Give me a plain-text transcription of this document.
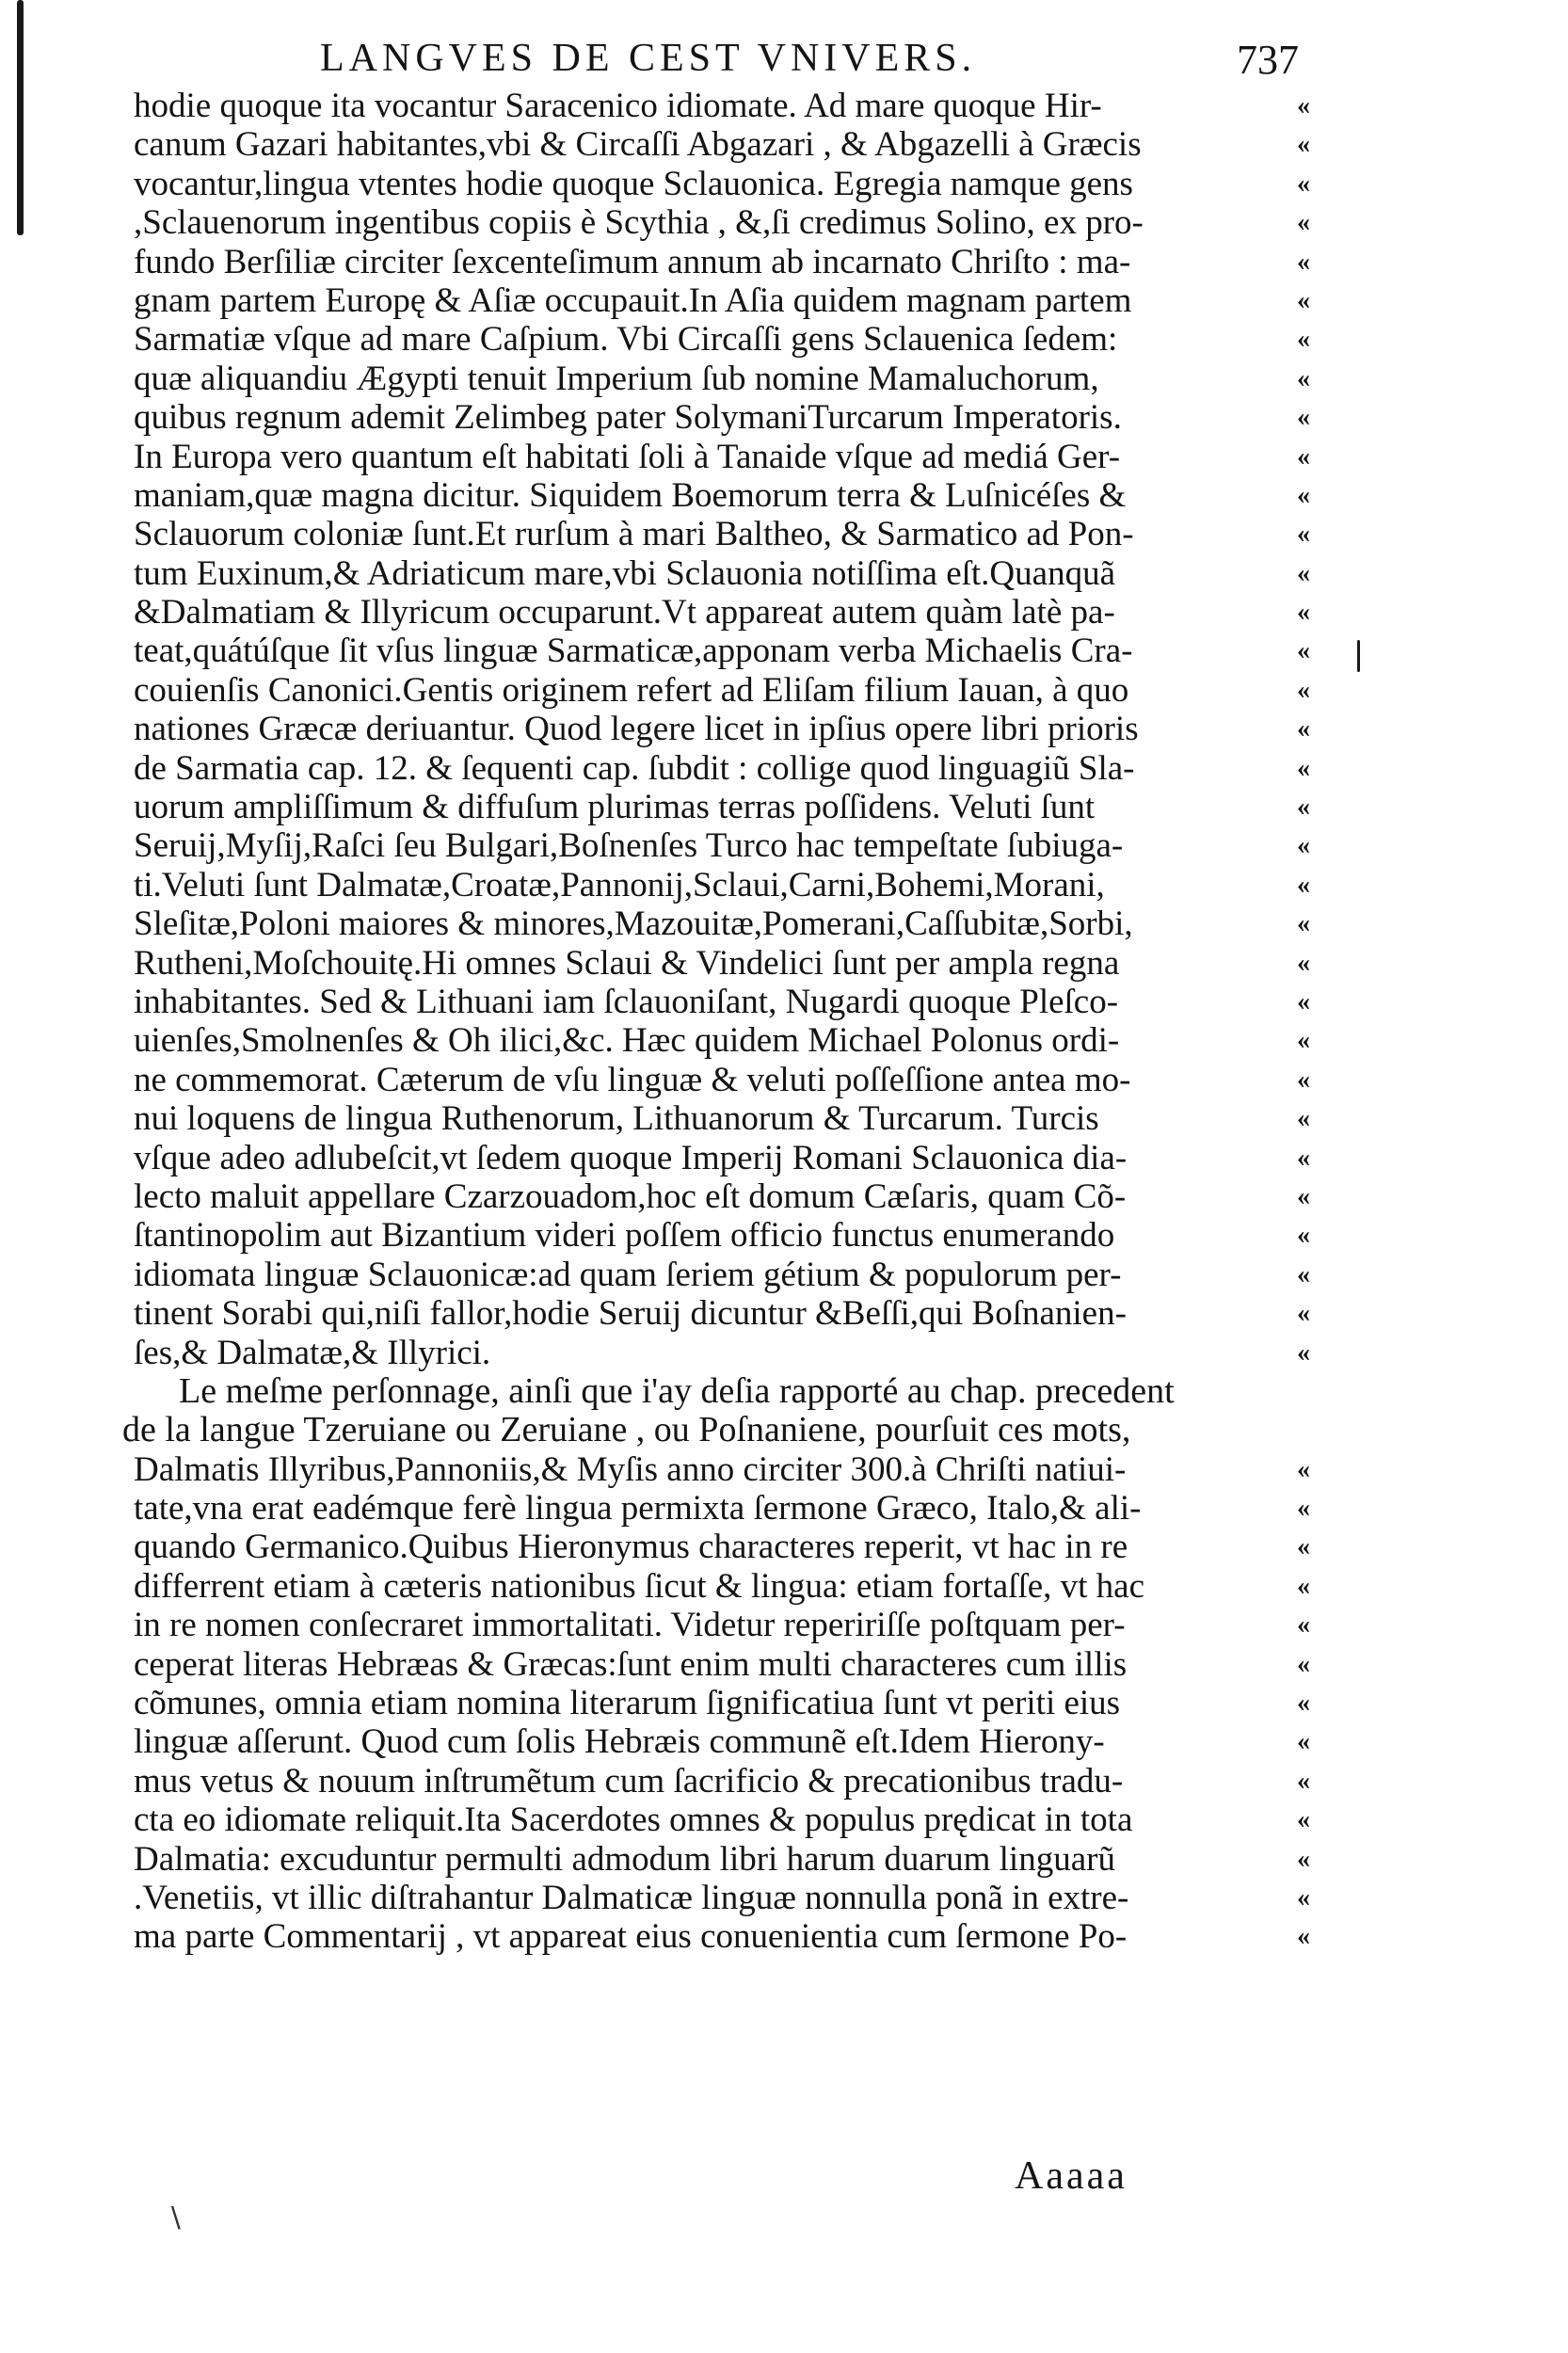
LANGVES DE CEST VNIVERS.	737
hodie quoque ita vocantur Saracenico idiomate. Ad mare quoque Hir-	«
canum Gazari habitantes,vbi & Circaſſi Abgazari , & Abgazelli à Græcis	«
vocantur,lingua vtentes hodie quoque Sclauonica. Egregia namque gens	«
,Sclauenorum ingentibus copiis è Scythia , &,ſi credimus Solino, ex pro-	«
fundo Berſiliæ circiter ſexcenteſimum annum ab incarnato Chriſto : ma-	«
gnam partem Europę & Aſiæ occupauit.In Aſia quidem magnam partem	«
Sarmatiæ vſque ad mare Caſpium. Vbi Circaſſi gens Sclauenica ſedem:	«
quæ aliquandiu Ægypti tenuit Imperium ſub nomine Mamaluchorum,	«
quibus regnum ademit Zelimbeg pater SolymaniTurcarum Imperatoris.	«
In Europa vero quantum eſt habitati ſoli à Tanaide vſque ad mediá Ger-	«
maniam,quæ magna dicitur. Siquidem Boemorum terra & Luſnicéſes &	«
Sclauorum coloniæ ſunt.Et rurſum à mari Baltheo, & Sarmatico ad Pon-	«
tum Euxinum,& Adriaticum mare,vbi Sclauonia notiſſima eſt.Quanquã	«
&Dalmatiam & Illyricum occuparunt.Vt appareat autem quàm latè pa-	«
teat,quátúſque ſit vſus linguæ Sarmaticæ,apponam verba Michaelis Cra-	«
couienſis Canonici.Gentis originem refert ad Eliſam filium Iauan, à quo	«
nationes Græcæ deriuantur. Quod legere licet in ipſius opere libri prioris	«
de Sarmatia cap. 12. & ſequenti cap. ſubdit : collige quod linguagiũ Sla-	«
uorum ampliſſimum & diffuſum plurimas terras poſſidens. Veluti ſunt	«
Seruij,Myſij,Raſci ſeu Bulgari,Boſnenſes Turco hac tempeſtate ſubiuga-	«
ti.Veluti ſunt Dalmatæ,Croatæ,Pannonij,Sclaui,Carni,Bohemi,Morani,	«
Sleſitæ,Poloni maiores & minores,Mazouitæ,Pomerani,Caſſubitæ,Sorbi,	«
Rutheni,Moſchouitę.Hi omnes Sclaui & Vindelici ſunt per ampla regna	«
inhabitantes. Sed & Lithuani iam ſclauoniſant, Nugardi quoque Pleſco-	«
uienſes,Smolnenſes & Oh ilici,&c. Hæc quidem Michael Polonus ordi-	«
ne commemorat. Cæterum de vſu linguæ & veluti poſſeſſione antea mo-	«
nui loquens de lingua Ruthenorum, Lithuanorum & Turcarum. Turcis	«
vſque adeo adlubeſcit,vt ſedem quoque Imperij Romani Sclauonica dia-	«
lecto maluit appellare Czarzouadom,hoc eſt domum Cæſaris, quam Cõ-	«
ſtantinopolim aut Bizantium videri poſſem officio functus enumerando	«
idiomata linguæ Sclauonicæ:ad quam ſeriem gétium & populorum per-	«
tinent Sorabi qui,niſi fallor,hodie Seruij dicuntur &Beſſi,qui Boſnanien-	«
ſes,& Dalmatæ,& Illyrici.	«
Le meſme perſonnage, ainſi que i'ay deſia rapporté au chap. precedent
de la langue Tzeruiane ou Zeruiane , ou Poſnaniene, pourſuit ces mots,
Dalmatis Illyribus,Pannoniis,& Myſis anno circiter 300.à Chriſti natiui-	«
tate,vna erat eadémque ferè lingua permixta ſermone Græco, Italo,& ali-	«
quando Germanico.Quibus Hieronymus characteres reperit, vt hac in re	«
differrent etiam à cæteris nationibus ſicut & lingua: etiam fortaſſe, vt hac	«
in re nomen conſecraret immortalitati. Videtur repeririſſe poſtquam per-	«
ceperat literas Hebræas & Græcas:ſunt enim multi characteres cum illis	«
cõmunes, omnia etiam nomina literarum ſignificatiua ſunt vt periti eius	«
linguæ aſſerunt. Quod cum ſolis Hebræis communẽ eſt.Idem Hierony-	«
mus vetus & nouum inſtrumẽtum cum ſacrificio & precationibus tradu-	«
cta eo idiomate reliquit.Ita Sacerdotes omnes & populus prędicat in tota	«
Dalmatia: excuduntur permulti admodum libri harum duarum linguarũ	«
.Venetiis, vt illic diſtrahantur Dalmaticæ linguæ nonnulla ponã in extre-	«
ma parte Commentarij , vt appareat eius conuenientia cum ſermone Po-	«
Aaaaa
∖
